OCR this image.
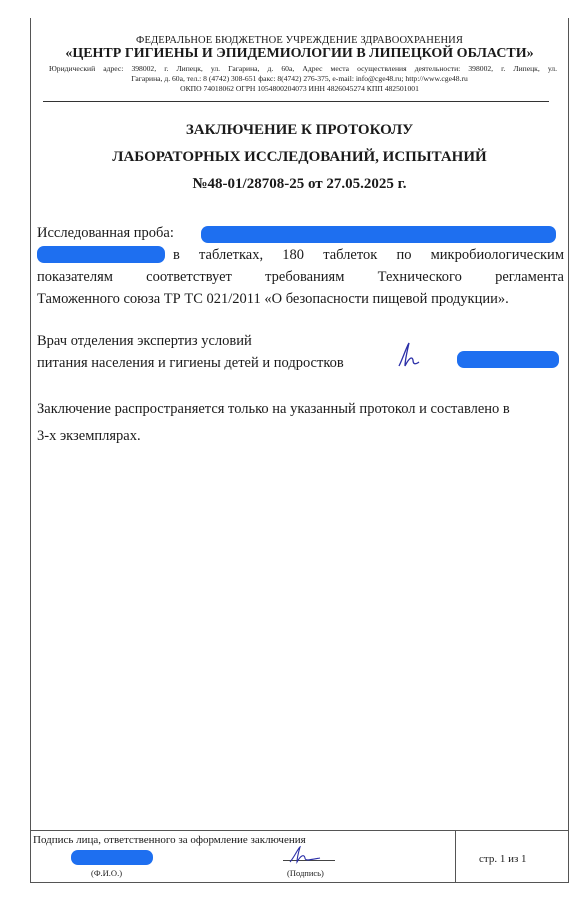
ФЕДЕРАЛЬНОЕ БЮДЖЕТНОЕ УЧРЕЖДЕНИЕ ЗДРАВООХРАНЕНИЯ
«ЦЕНТР ГИГИЕНЫ И ЭПИДЕМИОЛОГИИ В ЛИПЕЦКОЙ ОБЛАСТИ»
Юридический адрес: 398002, г. Липецк, ул. Гагарина, д. 60а, Адрес места осуществления деятельности: 398002, г. Липецк, ул.
Гагарина, д. 60а, тел.: 8 (4742) 308-651 факс: 8(4742) 276-375, e-mail: info@cge48.ru; http://www.cge48.ru
ОКПО 74018062 ОГРН 1054800204073 ИНН 4826045274 КПП 482501001
ЗАКЛЮЧЕНИЕ К ПРОТОКОЛУ
ЛАБОРАТОРНЫХ ИССЛЕДОВАНИЙ, ИСПЫТАНИЙ
№48-01/28708-25 от 27.05.2025 г.
Исследованная проба:
в таблетках, 180 таблеток по микробиологическим
показателям соответствует требованиям Технического регламента
Таможенного союза ТР ТС 021/2011 «О безопасности пищевой продукции».
Врач отделения экспертиз условий
питания населения и гигиены детей и подростков
Заключение распространяется только на указанный протокол и составлено в
3-х экземплярах.
Подпись лица, ответственного за оформление заключения
(Ф.И.О.)	(Подпись)
стр. 1 из 1
